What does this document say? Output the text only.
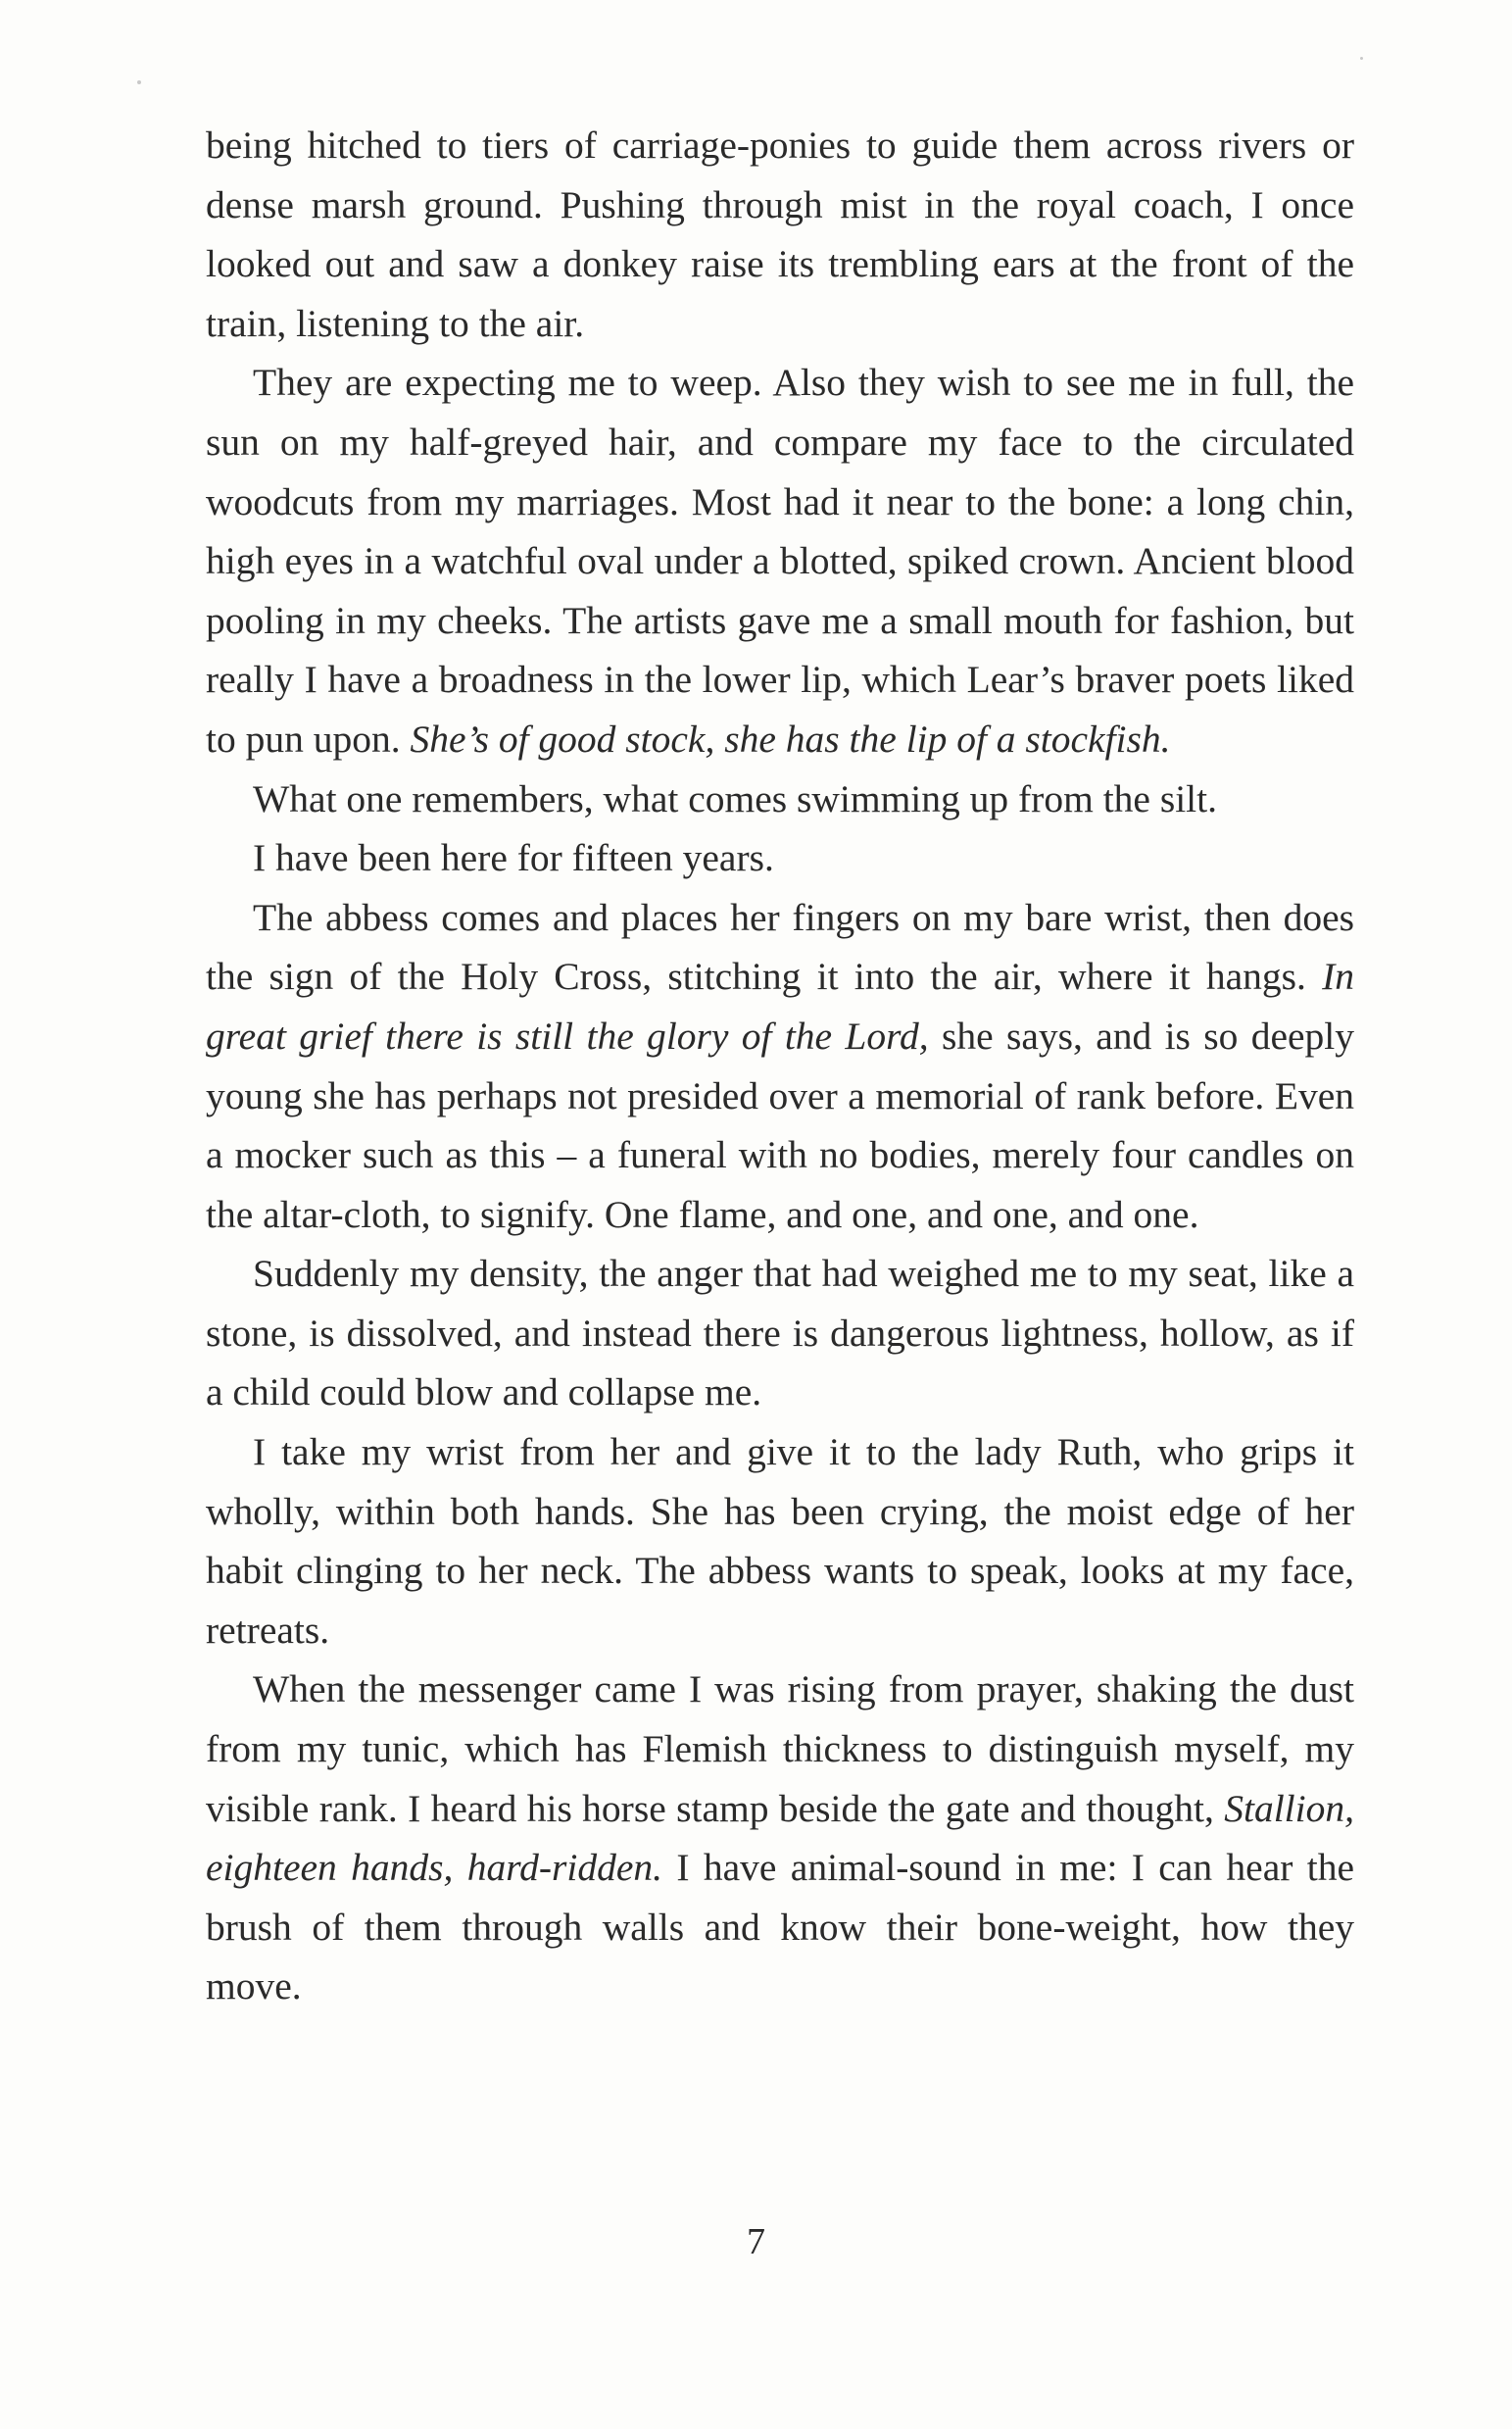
being hitched to tiers of carriage-ponies to guide them across rivers or dense marsh ground. Pushing through mist in the royal coach, I once looked out and saw a donkey raise its trembling ears at the front of the train, listening to the air.

They are expecting me to weep. Also they wish to see me in full, the sun on my half-greyed hair, and compare my face to the circulated woodcuts from my marriages. Most had it near to the bone: a long chin, high eyes in a watchful oval under a blotted, spiked crown. Ancient blood pooling in my cheeks. The artists gave me a small mouth for fashion, but really I have a broadness in the lower lip, which Lear’s braver poets liked to pun upon. She’s of good stock, she has the lip of a stockfish.

What one remembers, what comes swimming up from the silt.

I have been here for fifteen years.

The abbess comes and places her fingers on my bare wrist, then does the sign of the Holy Cross, stitching it into the air, where it hangs. In great grief there is still the glory of the Lord, she says, and is so deeply young she has perhaps not presided over a memorial of rank before. Even a mocker such as this – a funeral with no bodies, merely four candles on the altar-cloth, to signify. One flame, and one, and one, and one.

Suddenly my density, the anger that had weighed me to my seat, like a stone, is dissolved, and instead there is dangerous lightness, hollow, as if a child could blow and collapse me.

I take my wrist from her and give it to the lady Ruth, who grips it wholly, within both hands. She has been crying, the moist edge of her habit clinging to her neck. The abbess wants to speak, looks at my face, retreats.

When the messenger came I was rising from prayer, shaking the dust from my tunic, which has Flemish thickness to distinguish myself, my visible rank. I heard his horse stamp beside the gate and thought, Stallion, eighteen hands, hard-ridden. I have animal-sound in me: I can hear the brush of them through walls and know their bone-weight, how they move.

7
